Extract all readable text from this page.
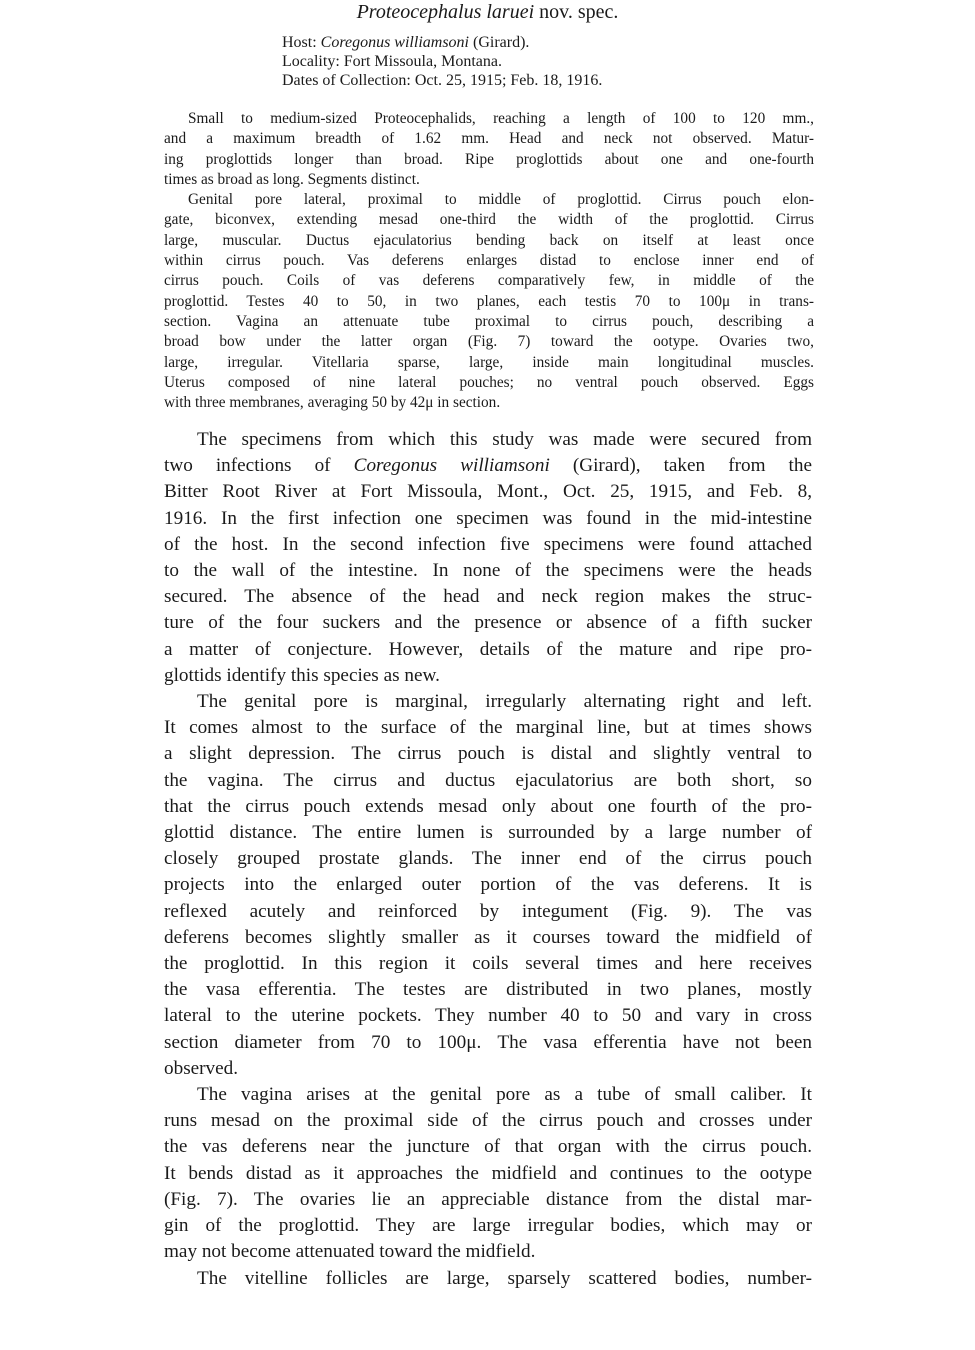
Proteocephalus laruei nov. spec.
Host: Coregonus williamsoni (Girard).
Locality: Fort Missoula, Montana.
Dates of Collection: Oct. 25, 1915; Feb. 18, 1916.
Small to medium-sized Proteocephalids, reaching a length of 100 to 120 mm.,
and a maximum breadth of 1.62 mm. Head and neck not observed. Matur-
ing proglottids longer than broad. Ripe proglottids about one and one-fourth
times as broad as long. Segments distinct.
Genital pore lateral, proximal to middle of proglottid. Cirrus pouch elon-
gate, biconvex, extending mesad one-third the width of the proglottid. Cirrus
large, muscular. Ductus ejaculatorius bending back on itself at least once
within cirrus pouch. Vas deferens enlarges distad to enclose inner end of
cirrus pouch. Coils of vas deferens comparatively few, in middle of the
proglottid. Testes 40 to 50, in two planes, each testis 70 to 100μ in trans-
section. Vagina an attenuate tube proximal to cirrus pouch, describing a
broad bow under the latter organ (Fig. 7) toward the ootype. Ovaries two,
large, irregular. Vitellaria sparse, large, inside main longitudinal muscles.
Uterus composed of nine lateral pouches; no ventral pouch observed. Eggs
with three membranes, averaging 50 by 42μ in section.
The specimens from which this study was made were secured from
two infections of Coregonus williamsoni (Girard), taken from the
Bitter Root River at Fort Missoula, Mont., Oct. 25, 1915, and Feb. 8,
1916. In the first infection one specimen was found in the mid-intestine
of the host. In the second infection five specimens were found attached
to the wall of the intestine. In none of the specimens were the heads
secured. The absence of the head and neck region makes the struc-
ture of the four suckers and the presence or absence of a fifth sucker
a matter of conjecture. However, details of the mature and ripe pro-
glottids identify this species as new.
The genital pore is marginal, irregularly alternating right and left.
It comes almost to the surface of the marginal line, but at times shows
a slight depression. The cirrus pouch is distal and slightly ventral to
the vagina. The cirrus and ductus ejaculatorius are both short, so
that the cirrus pouch extends mesad only about one fourth of the pro-
glottid distance. The entire lumen is surrounded by a large number of
closely grouped prostate glands. The inner end of the cirrus pouch
projects into the enlarged outer portion of the vas deferens. It is
reflexed acutely and reinforced by integument (Fig. 9). The vas
deferens becomes slightly smaller as it courses toward the midfield of
the proglottid. In this region it coils several times and here receives
the vasa efferentia. The testes are distributed in two planes, mostly
lateral to the uterine pockets. They number 40 to 50 and vary in cross
section diameter from 70 to 100μ. The vasa efferentia have not been
observed.
The vagina arises at the genital pore as a tube of small caliber. It
runs mesad on the proximal side of the cirrus pouch and crosses under
the vas deferens near the juncture of that organ with the cirrus pouch.
It bends distad as it approaches the midfield and continues to the ootype
(Fig. 7). The ovaries lie an appreciable distance from the distal mar-
gin of the proglottid. They are large irregular bodies, which may or
may not become attenuated toward the midfield.
The vitelline follicles are large, sparsely scattered bodies, number-
